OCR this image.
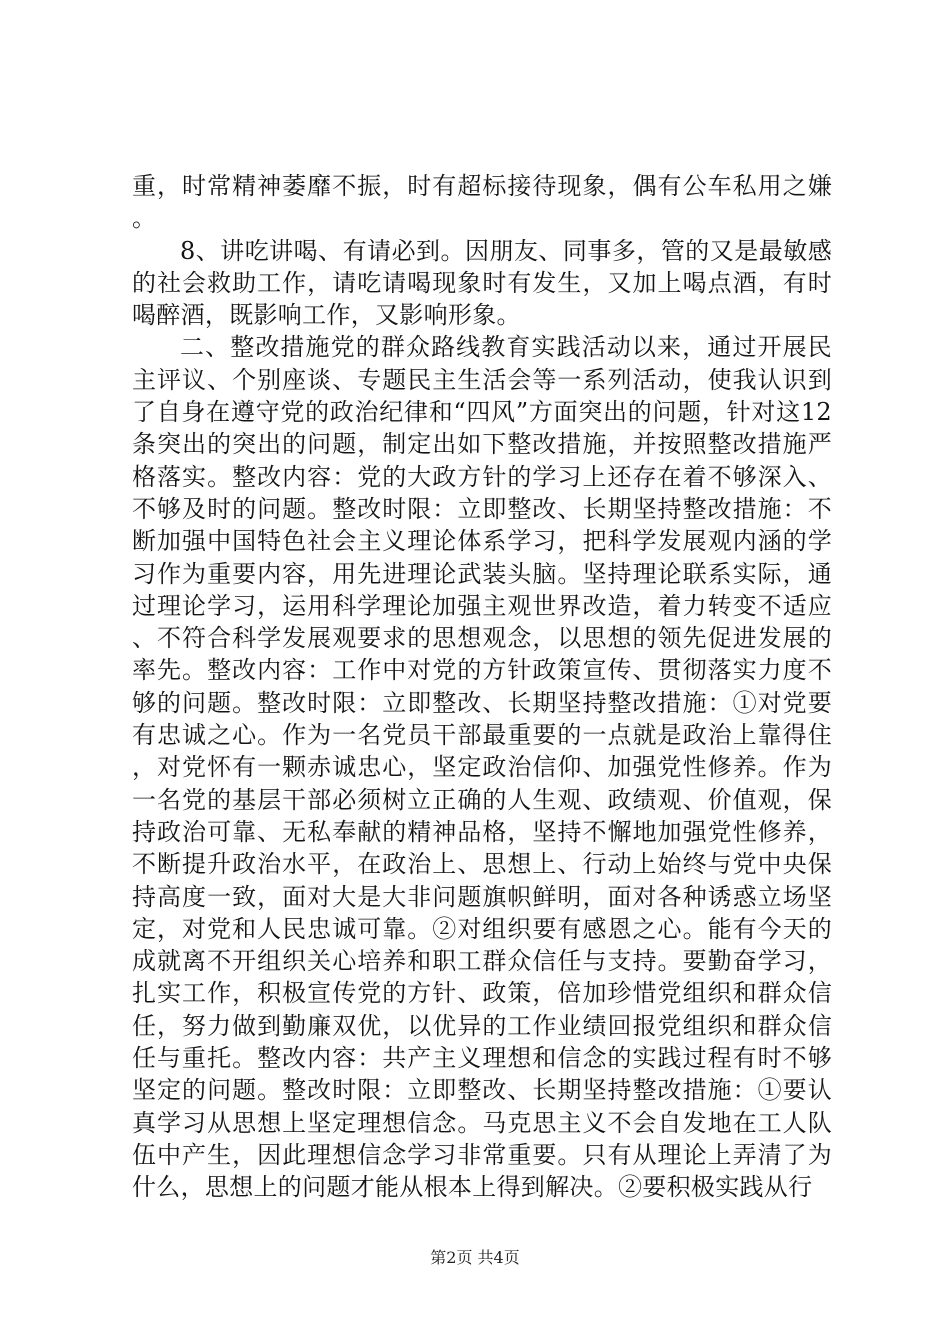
重，时常精神萎靡不振，时有超标接待现象，偶有公车私用之嫌。

8、讲吃讲喝、有请必到。因朋友、同事多，管的又是最敏感的社会救助工作，请吃请喝现象时有发生，又加上喝点酒，有时喝醉酒，既影响工作，又影响形象。

二、整改措施党的群众路线教育实践活动以来，通过开展民主评议、个别座谈、专题民主生活会等一系列活动，使我认识到了自身在遵守党的政治纪律和“四风”方面突出的问题，针对这12条突出的突出的问题，制定出如下整改措施，并按照整改措施严格落实。整改内容：党的大政方针的学习上还存在着不够深入、不够及时的问题。整改时限：立即整改、长期坚持整改措施：不断加强中国特色社会主义理论体系学习，把科学发展观内涵的学习作为重要内容，用先进理论武装头脑。坚持理论联系实际，通过理论学习，运用科学理论加强主观世界改造，着力转变不适应、不符合科学发展观要求的思想观念，以思想的领先促进发展的率先。整改内容：工作中对党的方针政策宣传、贯彻落实力度不够的问题。整改时限：立即整改、长期坚持整改措施：①对党要有忠诚之心。作为一名党员干部最重要的一点就是政治上靠得住，对党怀有一颗赤诚忠心，坚定政治信仰、加强党性修养。作为一名党的基层干部必须树立正确的人生观、政绩观、价值观，保持政治可靠、无私奉献的精神品格，坚持不懈地加强党性修养，不断提升政治水平，在政治上、思想上、行动上始终与党中央保持高度一致，面对大是大非问题旗帜鲜明，面对各种诱惑立场坚定，对党和人民忠诚可靠。②对组织要有感恩之心。能有今天的成就离不开组织关心培养和职工群众信任与支持。要勤奋学习，扎实工作，积极宣传党的方针、政策，倍加珍惜党组织和群众信任，努力做到勤廉双优，以优异的工作业绩回报党组织和群众信任与重托。整改内容：共产主义理想和信念的实践过程有时不够坚定的问题。整改时限：立即整改、长期坚持整改措施：①要认真学习从思想上坚定理想信念。马克思主义不会自发地在工人队伍中产生，因此理想信念学习非常重要。只有从理论上弄清了为什么，思想上的问题才能从根本上得到解决。②要积极实践从行

第2页 共4页
